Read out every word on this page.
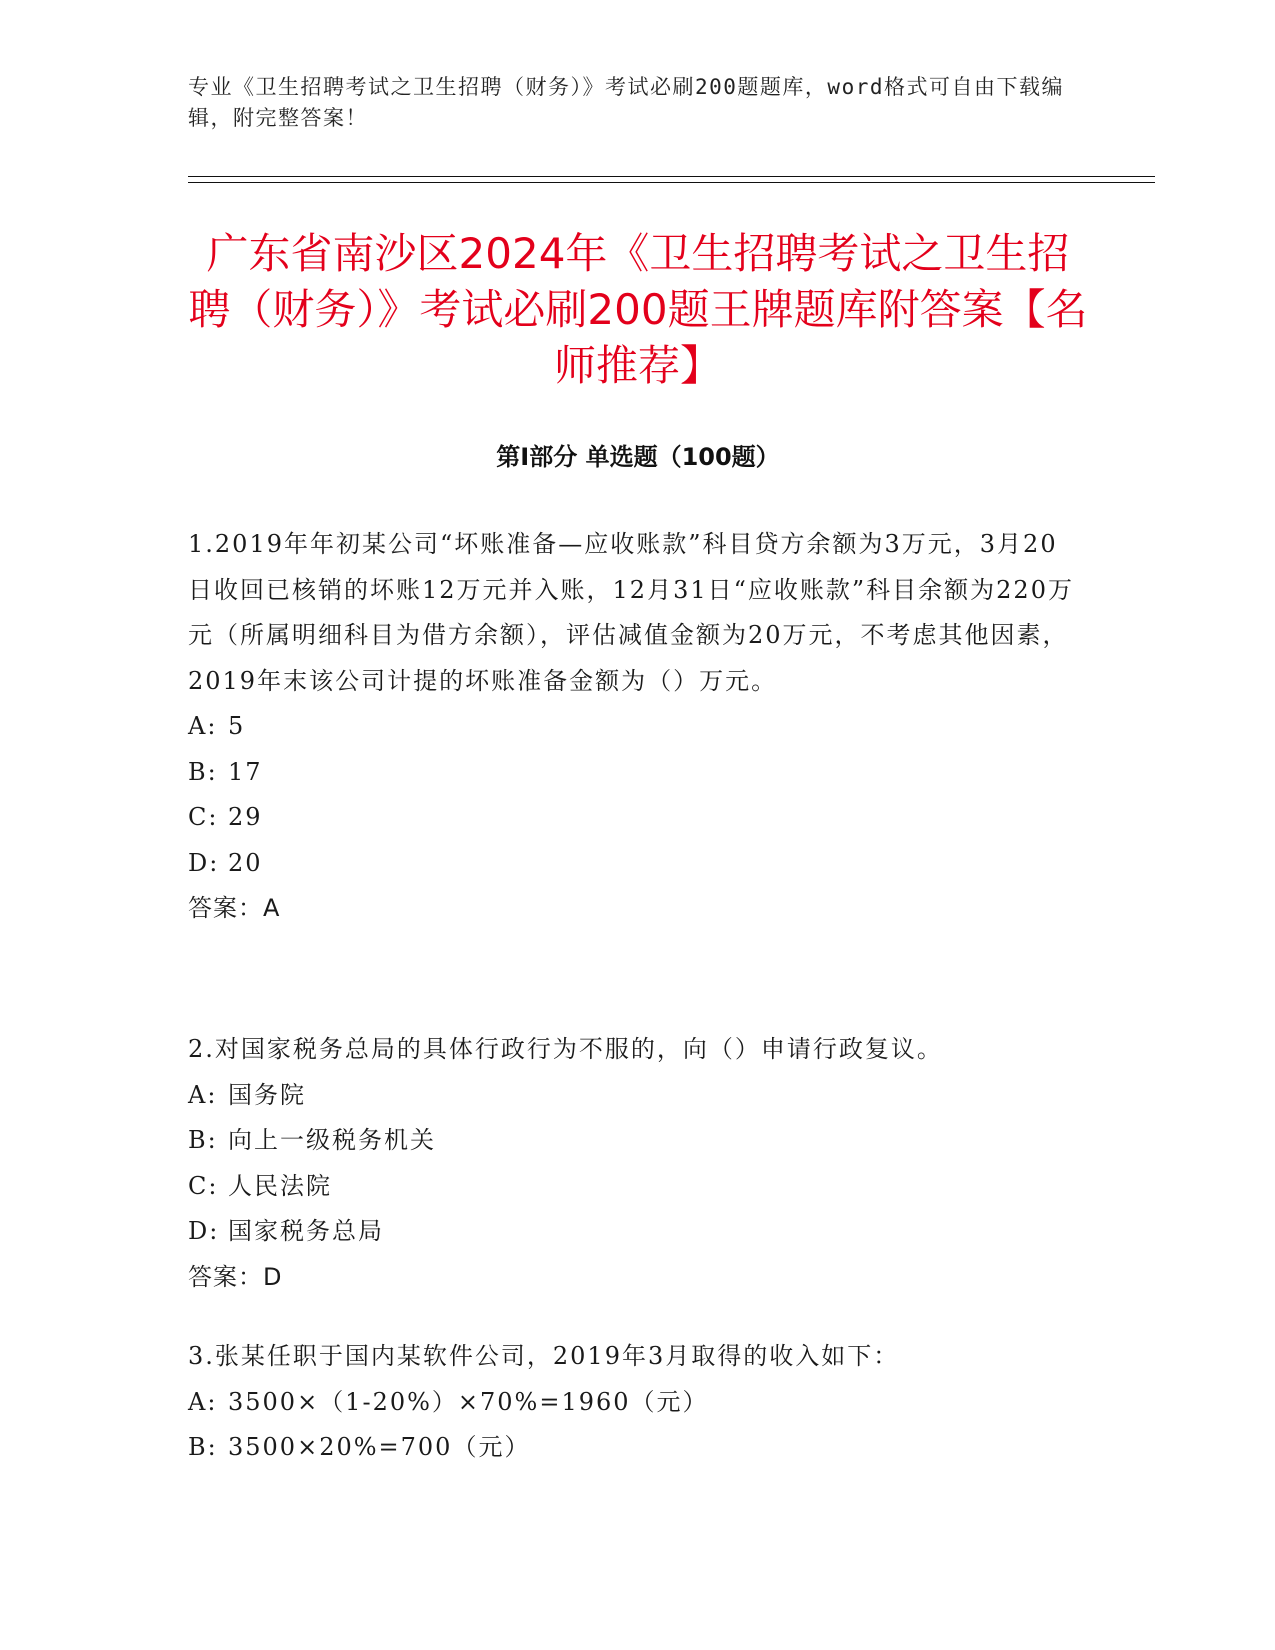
专业《卫生招聘考试之卫生招聘（财务）》考试必刷200题题库，word格式可自由下载编辑，附完整答案！
广东省南沙区2024年《卫生招聘考试之卫生招聘（财务）》考试必刷200题王牌题库附答案【名师推荐】
第Ⅰ部分 单选题（100题）

1.2019年年初某公司“坏账准备—应收账款”科目贷方余额为3万元，3月20日收回已核销的坏账12万元并入账，12月31日“应收账款”科目余额为220万元（所属明细科目为借方余额），评估减值金额为20万元，不考虑其他因素，2019年末该公司计提的坏账准备金额为（）万元。

A: 5

B: 17

C: 29

D: 20

答案：A

2.对国家税务总局的具体行政行为不服的，向（）申请行政复议。

A: 国务院

B: 向上一级税务机关

C: 人民法院

D: 国家税务总局

答案：D

3.张某任职于国内某软件公司，2019年3月取得的收入如下：

A: 3500×（1-20%）×70%=1960（元）

B: 3500×20%=700（元）
